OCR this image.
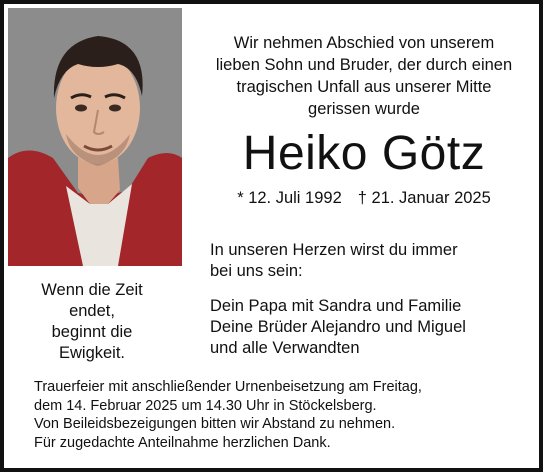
Wir nehmen Abschied von unserem
lieben Sohn und Bruder, der durch einen
tragischen Unfall aus unserer Mitte
gerissen wurde
Heiko Götz
* 12. Juli 1992 † 21. Januar 2025
In unseren Herzen wirst du immer
bei uns sein:
Dein Papa mit Sandra und Familie
Deine Brüder Alejandro und Miguel
und alle Verwandten
Wenn die Zeit
endet,
beginnt die
Ewigkeit.
Trauerfeier mit anschließender Urnenbeisetzung am Freitag,
dem 14. Februar 2025 um 14.30 Uhr in Stöckelsberg.
Von Beileidsbezeigungen bitten wir Abstand zu nehmen.
Für zugedachte Anteilnahme herzlichen Dank.
